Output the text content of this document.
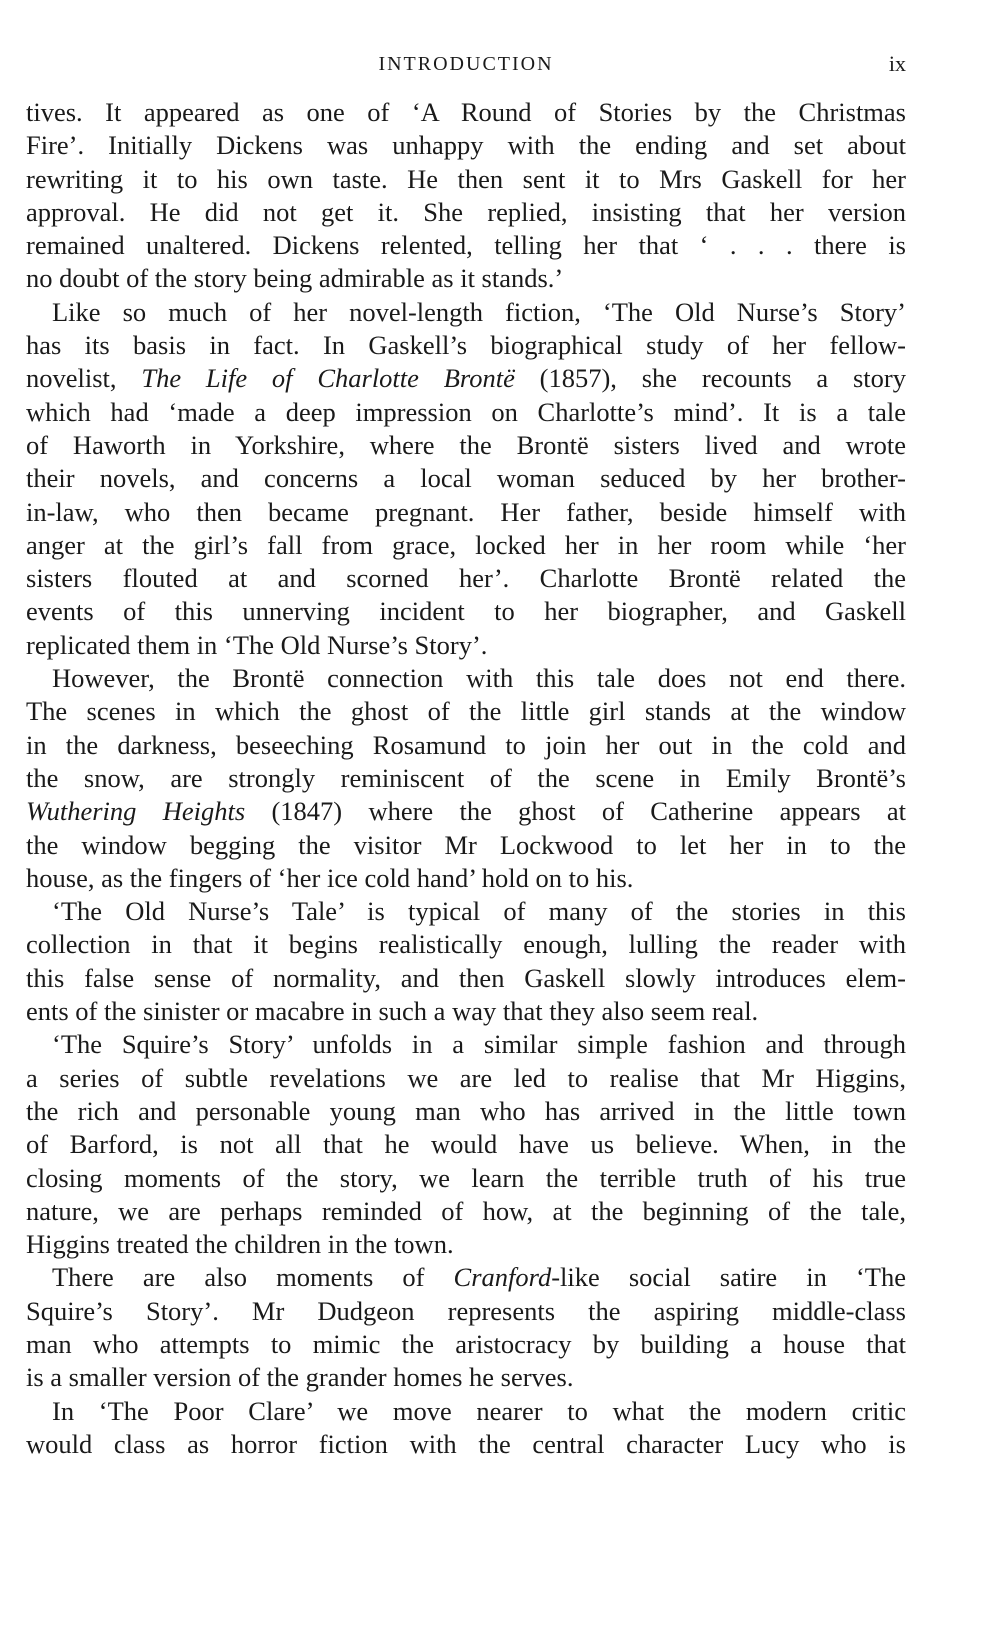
INTRODUCTION	ix

tives. It appeared as one of ‘A Round of Stories by the Christmas
Fire’. Initially Dickens was unhappy with the ending and set about
rewriting it to his own taste. He then sent it to Mrs Gaskell for her
approval. He did not get it. She replied, insisting that her version
remained unaltered. Dickens relented, telling her that ‘ . . . there is
no doubt of the story being admirable as it stands.’

Like so much of her novel-length fiction, ‘The Old Nurse’s Story’
has its basis in fact. In Gaskell’s biographical study of her fellow-
novelist, The Life of Charlotte Brontë (1857), she recounts a story
which had ‘made a deep impression on Charlotte’s mind’. It is a tale
of Haworth in Yorkshire, where the Brontë sisters lived and wrote
their novels, and concerns a local woman seduced by her brother-
in-law, who then became pregnant. Her father, beside himself with
anger at the girl’s fall from grace, locked her in her room while ‘her
sisters flouted at and scorned her’. Charlotte Brontë related the
events of this unnerving incident to her biographer, and Gaskell
replicated them in ‘The Old Nurse’s Story’.

However, the Brontë connection with this tale does not end there.
The scenes in which the ghost of the little girl stands at the window
in the darkness, beseeching Rosamund to join her out in the cold and
the snow, are strongly reminiscent of the scene in Emily Brontë’s
Wuthering Heights (1847) where the ghost of Catherine appears at
the window begging the visitor Mr Lockwood to let her in to the
house, as the fingers of ‘her ice cold hand’ hold on to his.

‘The Old Nurse’s Tale’ is typical of many of the stories in this
collection in that it begins realistically enough, lulling the reader with
this false sense of normality, and then Gaskell slowly introduces elem-
ents of the sinister or macabre in such a way that they also seem real.

‘The Squire’s Story’ unfolds in a similar simple fashion and through
a series of subtle revelations we are led to realise that Mr Higgins,
the rich and personable young man who has arrived in the little town
of Barford, is not all that he would have us believe. When, in the
closing moments of the story, we learn the terrible truth of his true
nature, we are perhaps reminded of how, at the beginning of the tale,
Higgins treated the children in the town.

There are also moments of Cranford-like social satire in ‘The
Squire’s Story’. Mr Dudgeon represents the aspiring middle-class
man who attempts to mimic the aristocracy by building a house that
is a smaller version of the grander homes he serves.

In ‘The Poor Clare’ we move nearer to what the modern critic
would class as horror fiction with the central character Lucy who is
